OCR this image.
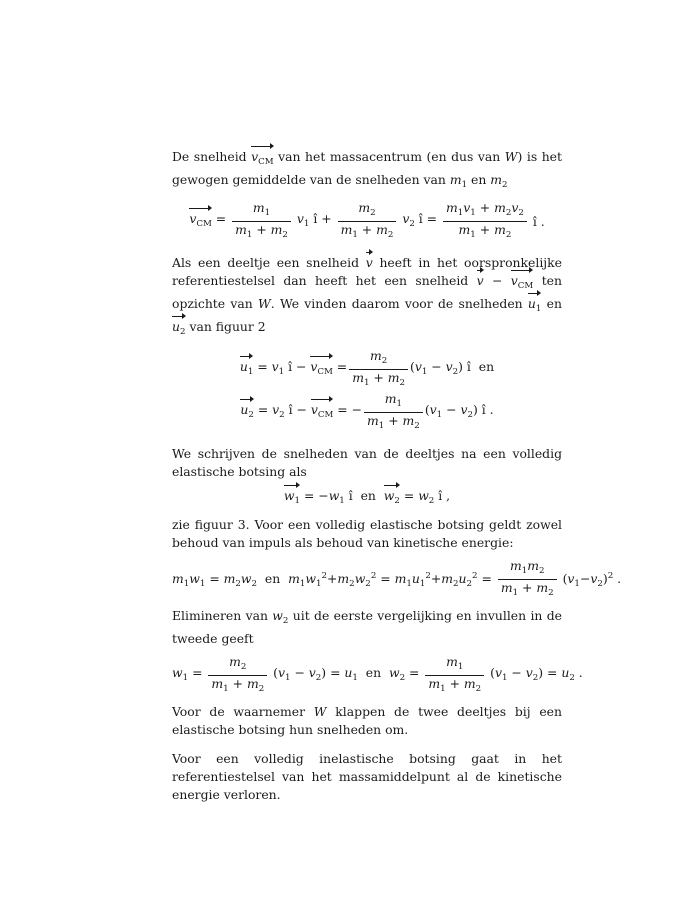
De snelheid $v_{CM}$ van het massacentrum (en dus van W) is het gewogen gemiddelde van de snelheden van $m_1$ en $m_2$

$v_{CM} = \frac{m_1}{m_1 + m_2} v_1$ î + $\frac{m_2}{m_1 + m_2} v_2$ î = $\frac{m_1v_1 + m_2v_2}{m_1 + m_2}$ î .

Als een deeltje een snelheid v heeft in het oorspronkelijke referentiestelsel dan heeft het een snelheid $v - v_{CM}$ ten opzichte van W. We vinden daarom voor de snelheden $u_1$ en $u_2$ van figuur 2

$u_1 = v_1$ î − $v_{CM} = \frac{m_2}{m_1 + m_2} (v_1 - v_2)$ î  en
$u_2 = v_2$ î − $v_{CM}$ = − $\frac{m_1}{m_1 + m_2} (v_1 - v_2)$ î .

We schrijven de snelheden van de deeltjes na een volledig elastische botsing als

$w_1 = -w_1$ î  en  $w_2 = w_2$ î ,

zie figuur 3. Voor een volledig elastische botsing geldt zowel behoud van impuls als behoud van kinetische energie:

$m_1w_1 = m_2w_2$  en  $m_1w_1^2+m_2w_2^2 = m_1u_1^2+m_2u_2^2 = \frac{m_1m_2}{m_1 + m_2} (v_1-v_2)^2$ .

Elimineren van $w_2$ uit de eerste vergelijking en invullen in de tweede geeft

$w_1 = \frac{m_2}{m_1 + m_2} (v_1 - v_2) = u_1$  en  $w_2 = \frac{m_1}{m_1 + m_2} (v_1 - v_2) = u_2$ .

Voor de waarnemer W klappen de twee deeltjes bij een elastische botsing hun snelheden om.

Voor een volledig inelastische botsing gaat in het referentiestelsel van het massamiddelpunt al de kinetische energie verloren.
